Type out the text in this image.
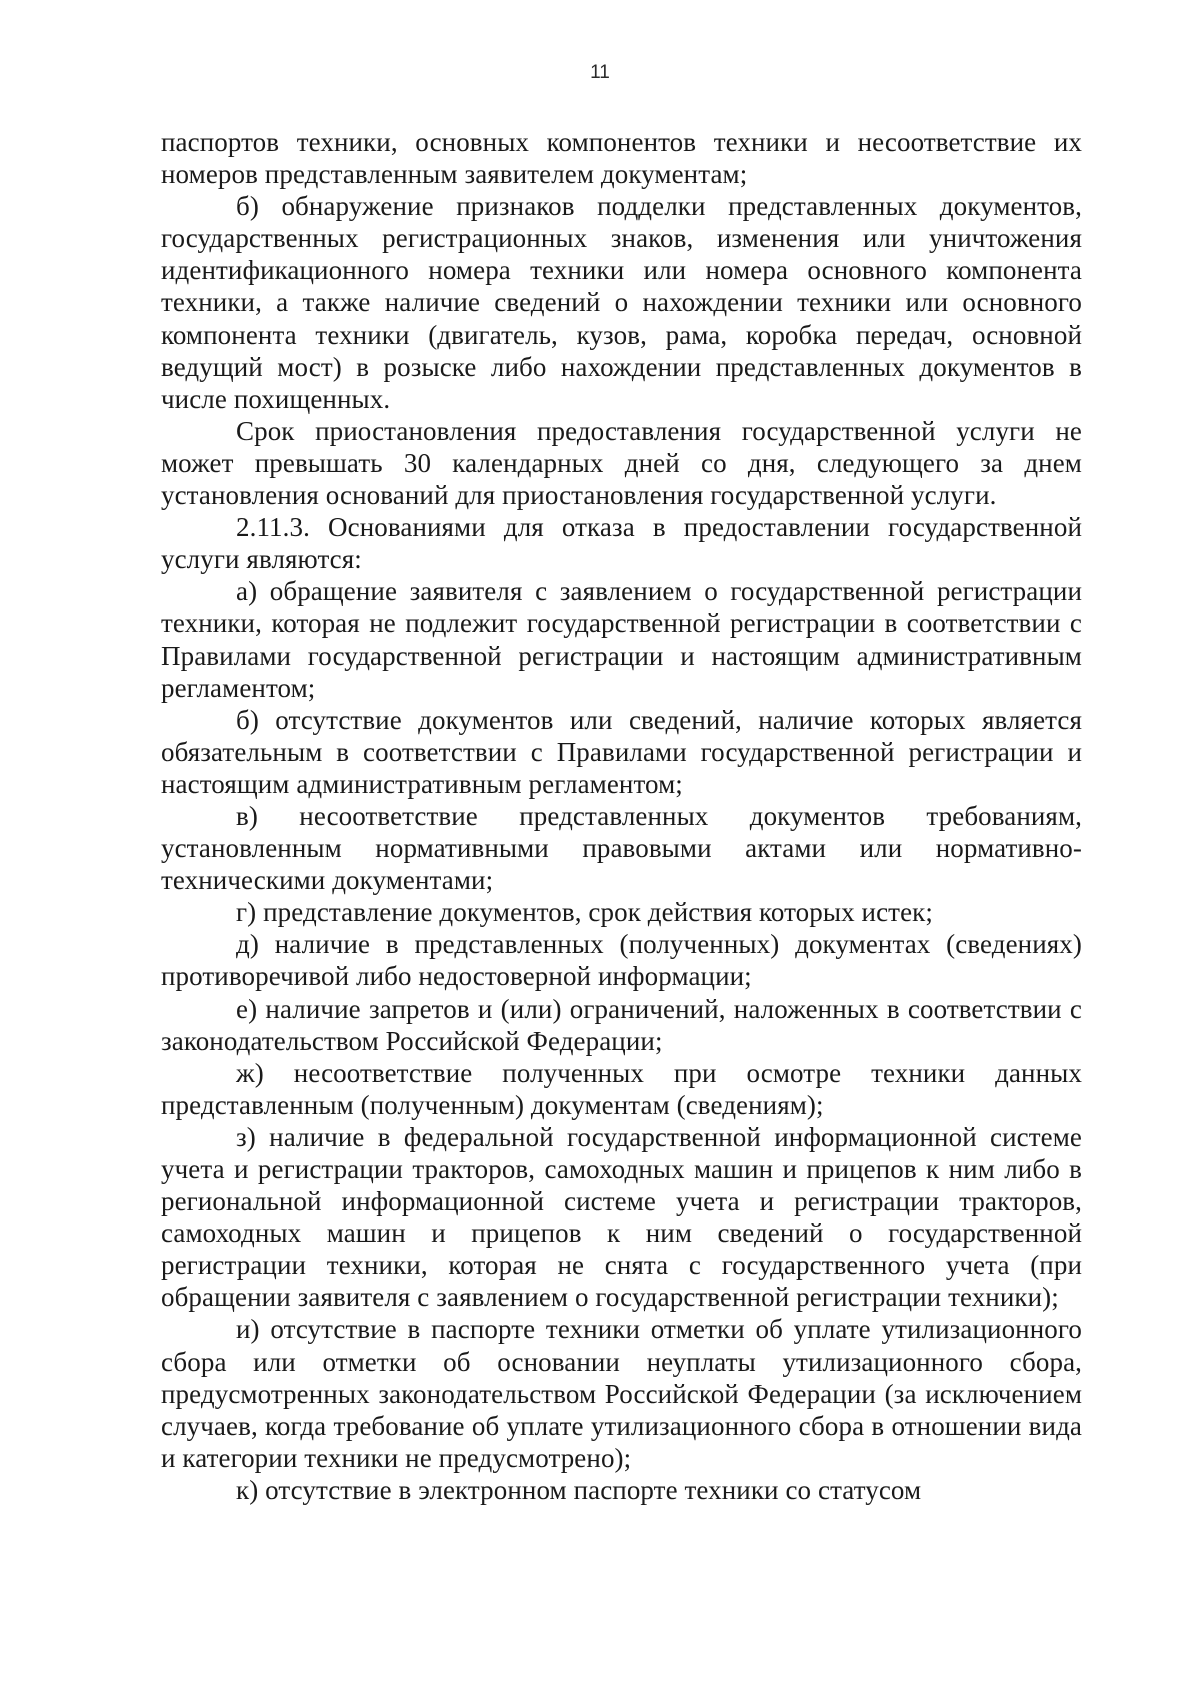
11

паспортов техники, основных компонентов техники и несоответствие их номеров представленным заявителем документам;

б) обнаружение признаков подделки представленных документов, государственных регистрационных знаков, изменения или уничтожения идентификационного номера техники или номера основного компонента техники, а также наличие сведений о нахождении техники или основного компонента техники (двигатель, кузов, рама, коробка передач, основной ведущий мост) в розыске либо нахождении представленных документов в числе похищенных.

Срок приостановления предоставления государственной услуги не может превышать 30 календарных дней со дня, следующего за днем установления оснований для приостановления государственной услуги.

2.11.3. Основаниями для отказа в предоставлении государственной услуги являются:

а) обращение заявителя с заявлением о государственной регистрации техники, которая не подлежит государственной регистрации в соответствии с Правилами государственной регистрации и настоящим административным регламентом;

б) отсутствие документов или сведений, наличие которых является обязательным в соответствии с Правилами государственной регистрации и настоящим административным регламентом;

в) несоответствие представленных документов требованиям, установленным нормативными правовыми актами или нормативно-техническими документами;

г) представление документов, срок действия которых истек;

д) наличие в представленных (полученных) документах (сведениях) противоречивой либо недостоверной информации;

е) наличие запретов и (или) ограничений, наложенных в соответствии с законодательством Российской Федерации;

ж) несоответствие полученных при осмотре техники данных представленным (полученным) документам (сведениям);

з) наличие в федеральной государственной информационной системе учета и регистрации тракторов, самоходных машин и прицепов к ним либо в региональной информационной системе учета и регистрации тракторов, самоходных машин и прицепов к ним сведений о государственной регистрации техники, которая не снята с государственного учета (при обращении заявителя с заявлением о государственной регистрации техники);

и) отсутствие в паспорте техники отметки об уплате утилизационного сбора или отметки об основании неуплаты утилизационного сбора, предусмотренных законодательством Российской Федерации (за исключением случаев, когда требование об уплате утилизационного сбора в отношении вида и категории техники не предусмотрено);

к) отсутствие в электронном паспорте техники со статусом
